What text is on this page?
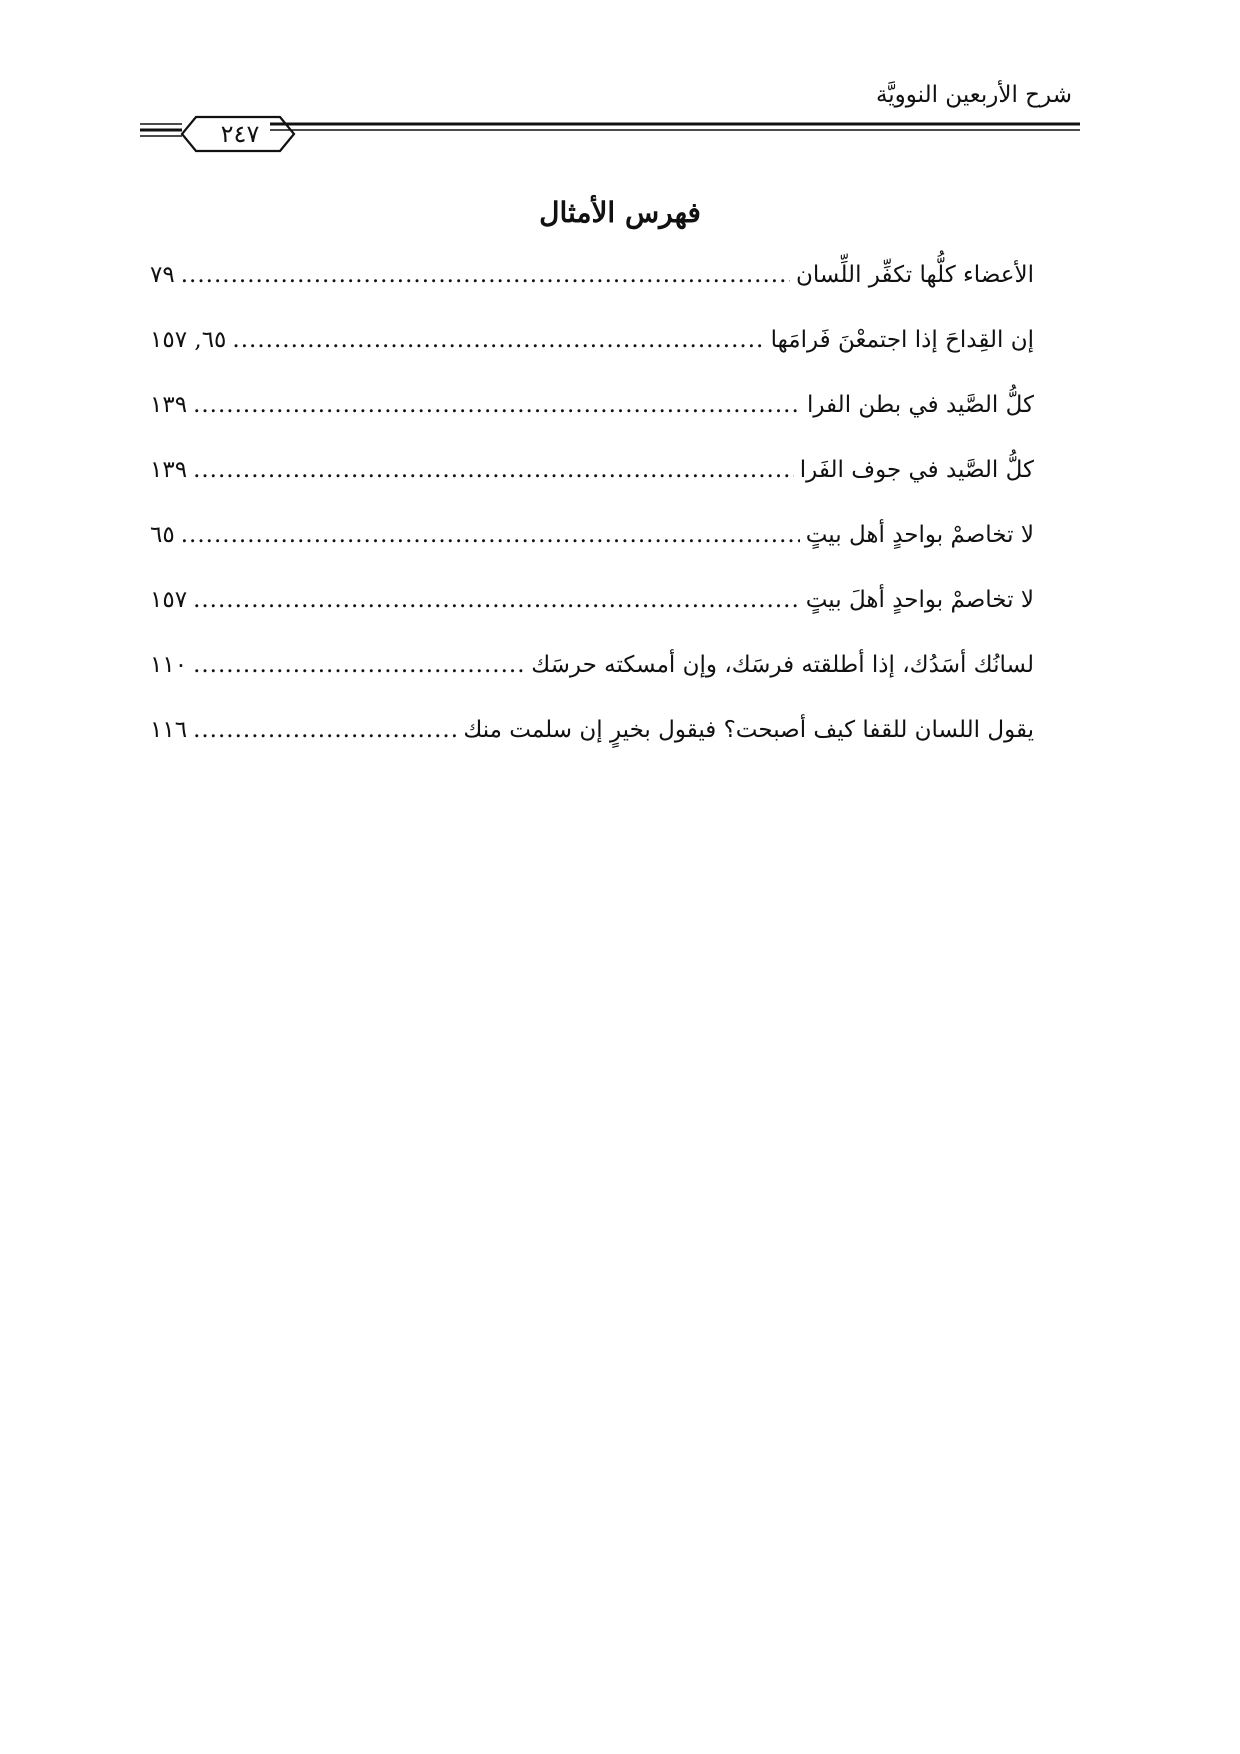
شرح الأربعين النوويَّة
٢٤٧
فهرس الأمثال
الأعضاء كلُّها تكفِّر اللِّسان
.....
٧٩
إن القِداحَ إذا اجتمعْنَ فَرامَها
.....
٦٥, ١٥٧
كلُّ الصَّيد في بطن الفرا
.....
١٣٩
كلُّ الصَّيد في جوف الفَرا
.....
١٣٩
لا تخاصمْ بواحدٍ أهل بيتٍ
.....
٦٥
لا تخاصمْ بواحدٍ أهلَ بيتٍ
.....
١٥٧
لسانُك أسَدُك، إذا أطلقته فرسَك، وإن أمسكته حرسَك
.....
١١٠
يقول اللسان للقفا كيف أصبحت؟ فيقول بخيرٍ إن سلمت منك
.....
١١٦
